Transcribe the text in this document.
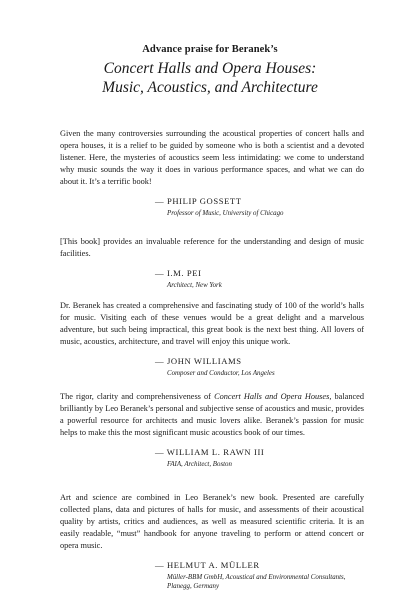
Advance praise for Beranek’s
Concert Halls and Opera Houses:
Music, Acoustics, and Architecture

Given the many controversies surrounding the acoustical properties of concert halls and opera houses, it is a relief to be guided by someone who is both a scientist and a devoted listener. Here, the mysteries of acoustics seem less intimidating: we come to understand why music sounds the way it does in various performance spaces, and what we can do about it. It’s a terrific book!

— PHILIP GOSSETT
Professor of Music, University of Chicago

[This book] provides an invaluable reference for the understanding and design of music facilities.

— I.M. PEI
Architect, New York

Dr. Beranek has created a comprehensive and fascinating study of 100 of the world’s halls for music. Visiting each of these venues would be a great delight and a marvelous adventure, but such being impractical, this great book is the next best thing. All lovers of music, acoustics, architecture, and travel will enjoy this unique work.

— JOHN WILLIAMS
Composer and Conductor, Los Angeles

The rigor, clarity and comprehensiveness of Concert Halls and Opera Houses, balanced brilliantly by Leo Beranek’s personal and subjective sense of acoustics and music, provides a powerful resource for architects and music lovers alike. Beranek’s passion for music helps to make this the most significant music acoustics book of our times.

— WILLIAM L. RAWN III
FAIA, Architect, Boston

Art and science are combined in Leo Beranek’s new book. Presented are carefully collected plans, data and pictures of halls for music, and assessments of their acoustical quality by artists, critics and audiences, as well as measured scientific criteria. It is an easily readable, “must” handbook for anyone traveling to perform or attend concert or opera music.

— HELMUT A. MÜLLER
Müller-BBM GmbH, Acoustical and Environmental Consultants,
Planegg, Germany
